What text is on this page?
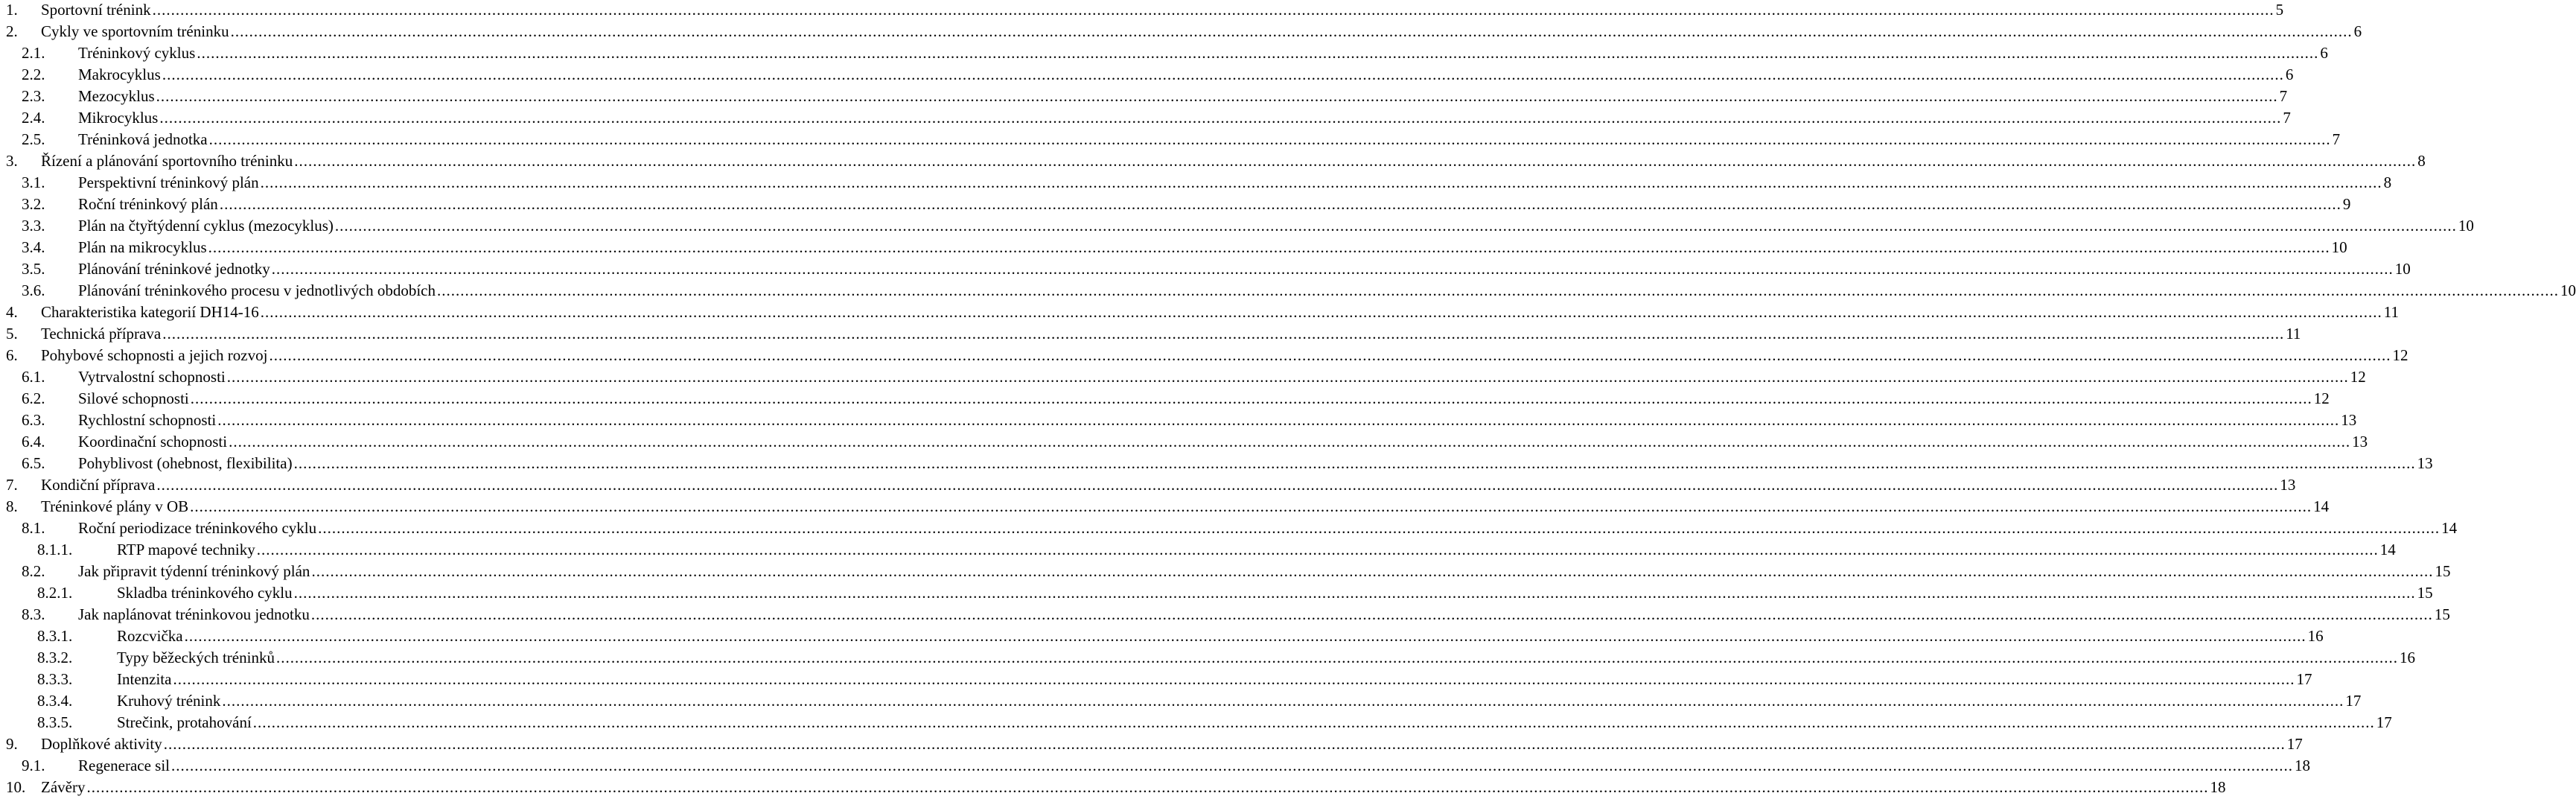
1.	Sportovní trénink .....	5
2.	Cykly ve sportovním tréninku .....	6
2.1.	Tréninkový cyklus .....	6
2.2.	Makrocyklus .....	6
2.3.	Mezocyklus .....	7
2.4.	Mikrocyklus .....	7
2.5.	Tréninková jednotka .....	7
3.	Řízení a plánování sportovního tréninku .....	8
3.1.	Perspektivní tréninkový plán .....	8
3.2.	Roční tréninkový plán .....	9
3.3.	Plán na čtyřtýdenní cyklus (mezocyklus) .....	10
3.4.	Plán na mikrocyklus .....	10
3.5.	Plánování tréninkové jednotky .....	10
3.6.	Plánování tréninkového procesu v jednotlivých obdobích .....	10
4.	Charakteristika kategorií DH14-16 .....	11
5.	Technická příprava .....	11
6.	Pohybové schopnosti a jejich rozvoj .....	12
6.1.	Vytrvalostní schopnosti .....	12
6.2.	Silové schopnosti .....	12
6.3.	Rychlostní schopnosti .....	13
6.4.	Koordinační schopnosti .....	13
6.5.	Pohyblivost (ohebnost, flexibilita) .....	13
7.	Kondiční příprava .....	13
8.	Tréninkové plány v OB .....	14
8.1.	Roční periodizace tréninkového cyklu .....	14
8.1.1.	RTP mapové techniky .....	14
8.2.	Jak připravit týdenní tréninkový plán .....	15
8.2.1.	Skladba tréninkového cyklu .....	15
8.3.	Jak naplánovat tréninkovou jednotku .....	15
8.3.1.	Rozcvička .....	16
8.3.2.	Typy běžeckých tréninků .....	16
8.3.3.	Intenzita .....	17
8.3.4.	Kruhový trénink .....	17
8.3.5.	Strečink, protahování .....	17
9.	Doplňkové aktivity .....	17
9.1.	Regenerace sil .....	18
10. Závěry .....	18
